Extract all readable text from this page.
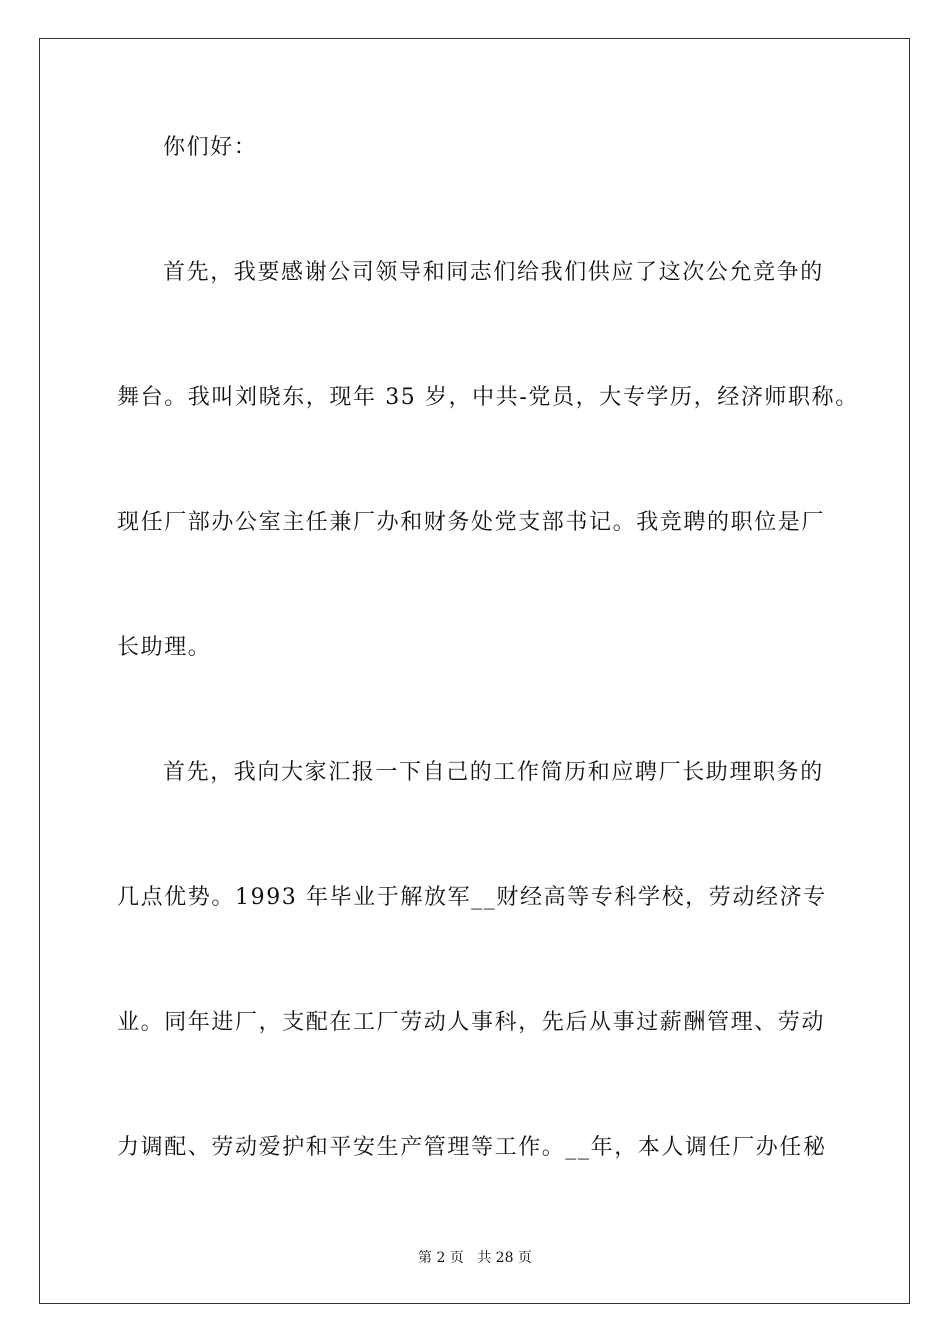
你们好：
首先，我要感谢公司领导和同志们给我们供应了这次公允竞争的
舞台。我叫刘晓东，现年 35 岁，中共-党员，大专学历，经济师职称。
现任厂部办公室主任兼厂办和财务处党支部书记。我竞聘的职位是厂
长助理。
首先，我向大家汇报一下自己的工作简历和应聘厂长助理职务的
几点优势。1993 年毕业于解放军__财经高等专科学校，劳动经济专
业。同年进厂，支配在工厂劳动人事科，先后从事过薪酬管理、劳动
力调配、劳动爱护和平安生产管理等工作。__年，本人调任厂办任秘
第 2 页 共 28 页
